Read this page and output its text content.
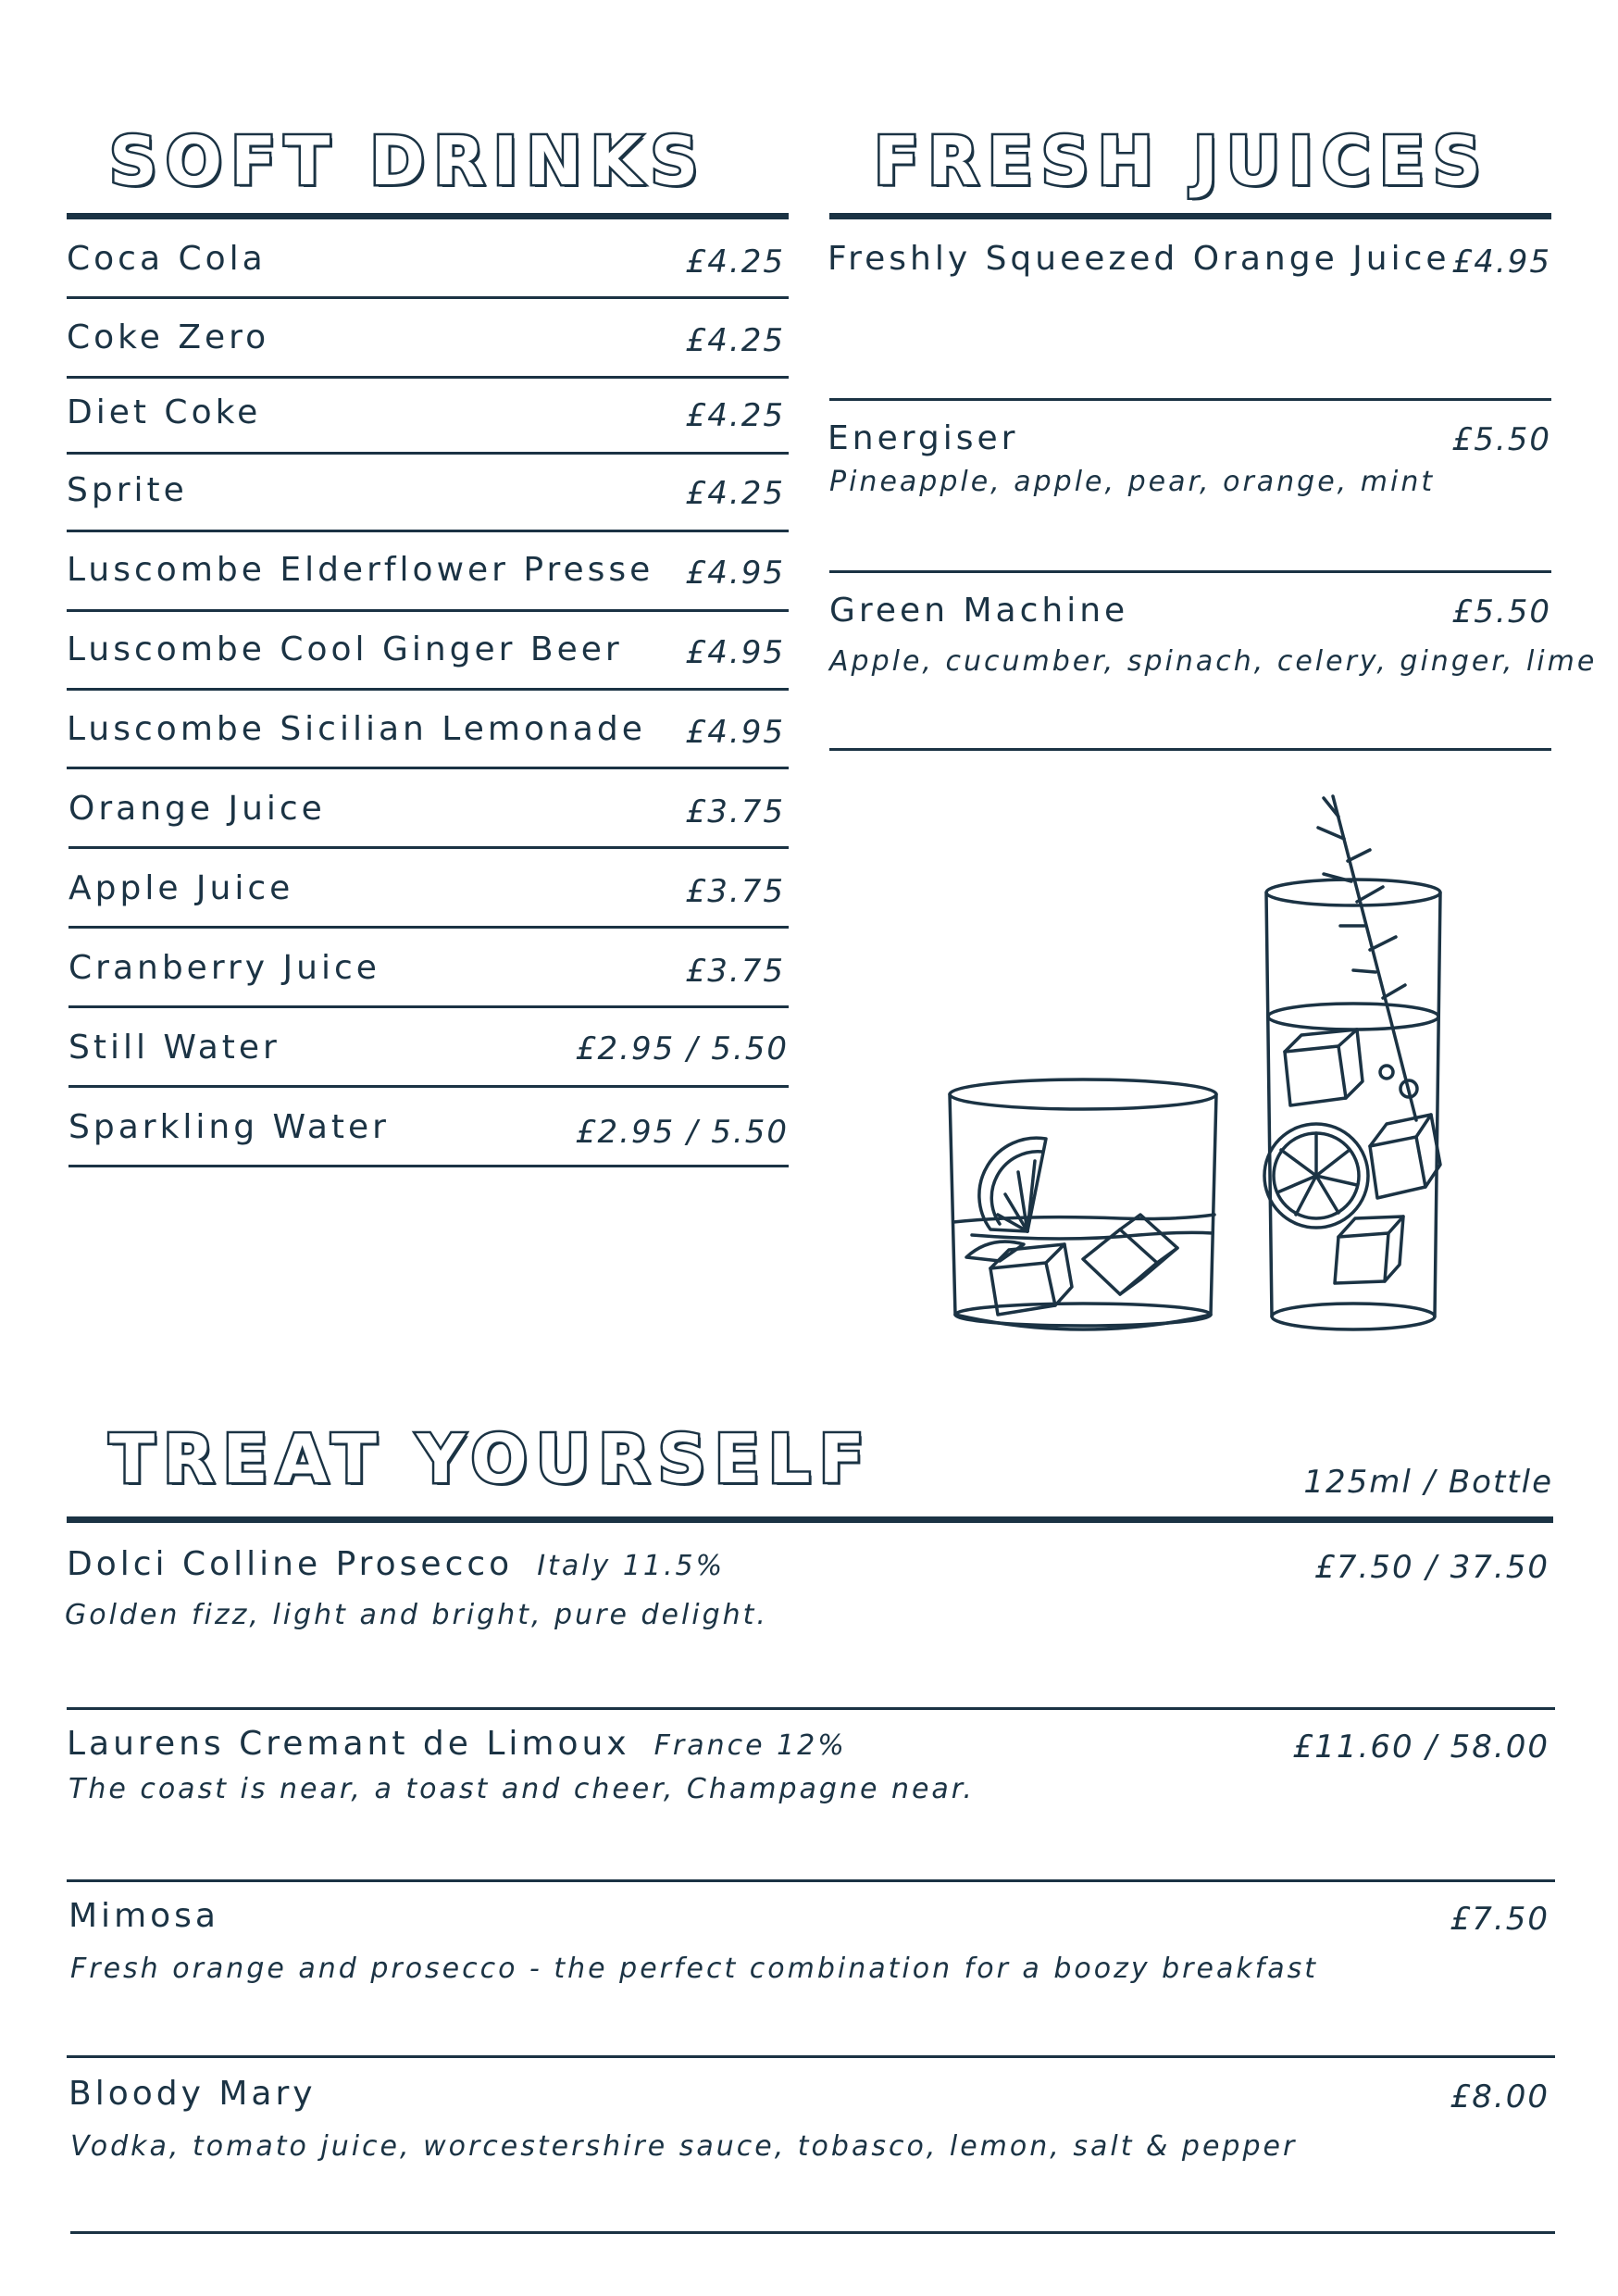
SOFT DRINKS
Coca Cola	£4.25
Coke Zero	£4.25
Diet Coke	£4.25
Sprite	£4.25
Luscombe Elderflower Presse £4.95
Luscombe Cool Ginger Beer £4.95
Luscombe Sicilian Lemonade £4.95
Orange Juice	£3.75
Apple Juice	£3.75
Cranberry Juice	£3.75
Still Water	£2.95 / 5.50
Sparkling Water	£2.95 / 5.50
FRESH JUICES
Freshly Squeezed Orange Juice £4.95
Energiser	£5.50
Pineapple, apple, pear, orange, mint
Green Machine	£5.50
Apple, cucumber, spinach, celery, ginger, lime
TREAT YOURSELF	125ml / Bottle
Dolci Colline Prosecco Italy 11.5%	£7.50 / 37.50
Golden fizz, light and bright, pure delight.
Laurens Cremant de Limoux France 12%	£11.60 / 58.00
The coast is near, a toast and cheer, Champagne near.
Mimosa	£7.50
Fresh orange and prosecco - the perfect combination for a boozy breakfast
Bloody Mary	£8.00
Vodka, tomato juice, worcestershire sauce, tobasco, lemon, salt & pepper
